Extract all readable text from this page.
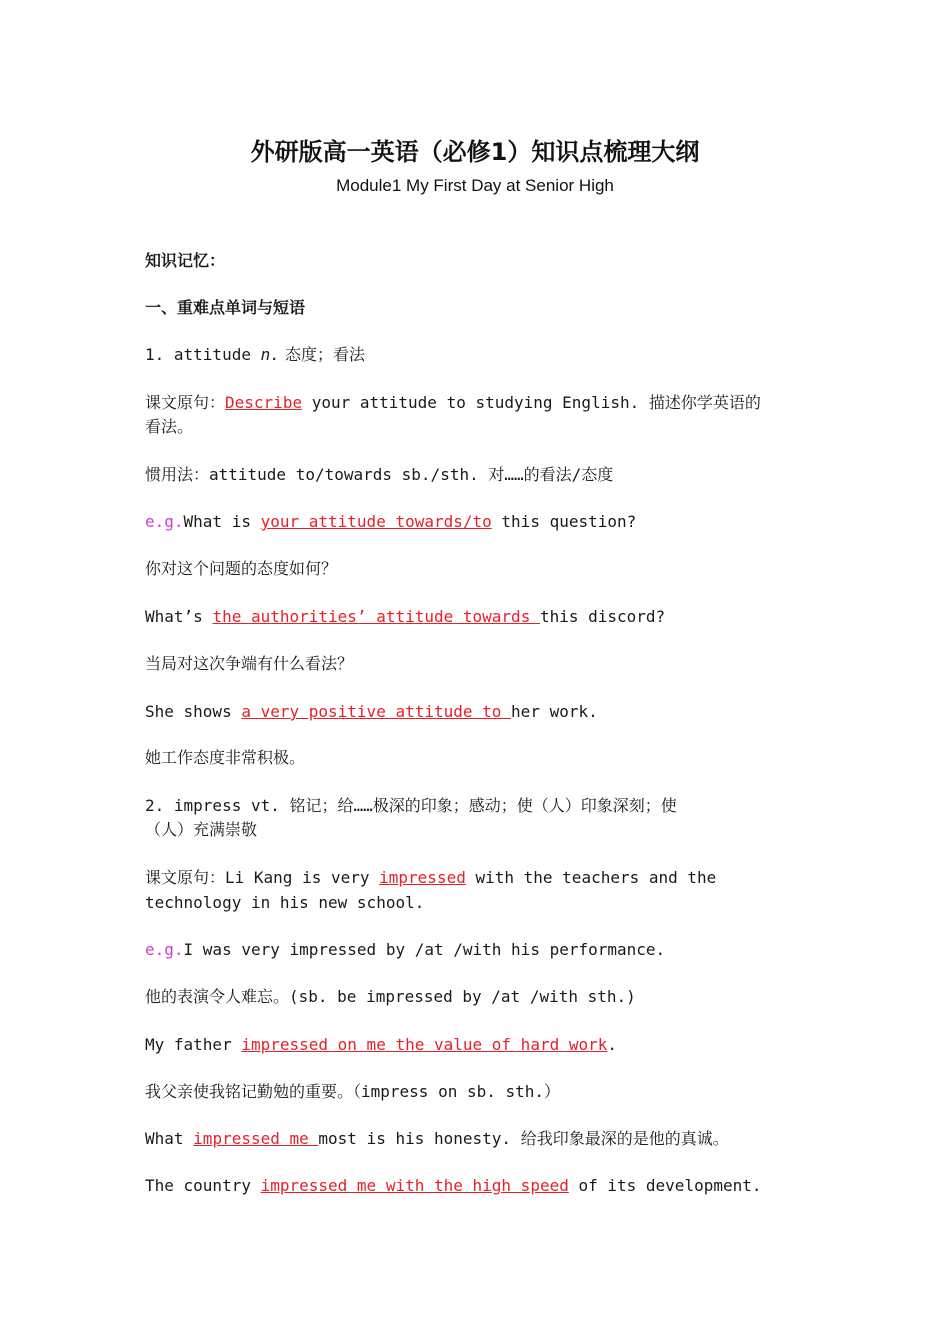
外研版高一英语（必修1）知识点梳理大纲
Module1 My First Day at Senior High
知识记忆：
一、重难点单词与短语
1. attitude n. 态度；看法
课文原句：Describe your attitude to studying English. 描述你学英语的
看法。
惯用法：attitude to/towards sb./sth. 对……的看法/态度
e.g.What is your attitude towards/to this question?
你对这个问题的态度如何？
What’s the authorities’ attitude towards this discord?
当局对这次争端有什么看法？
She shows a very positive attitude to her work.
她工作态度非常积极。
2. impress vt. 铭记；给……极深的印象；感动；使（人）印象深刻；使
（人）充满崇敬
课文原句：Li Kang is very impressed with the teachers and the
technology in his new school.
e.g.I was very impressed by /at /with his performance.
他的表演令人难忘。(sb. be impressed by /at /with sth.)
My father impressed on me the value of hard work.
我父亲使我铭记勤勉的重要。（impress on sb. sth.）
What impressed me most is his honesty. 给我印象最深的是他的真诚。
The country impressed me with the high speed of its development.
